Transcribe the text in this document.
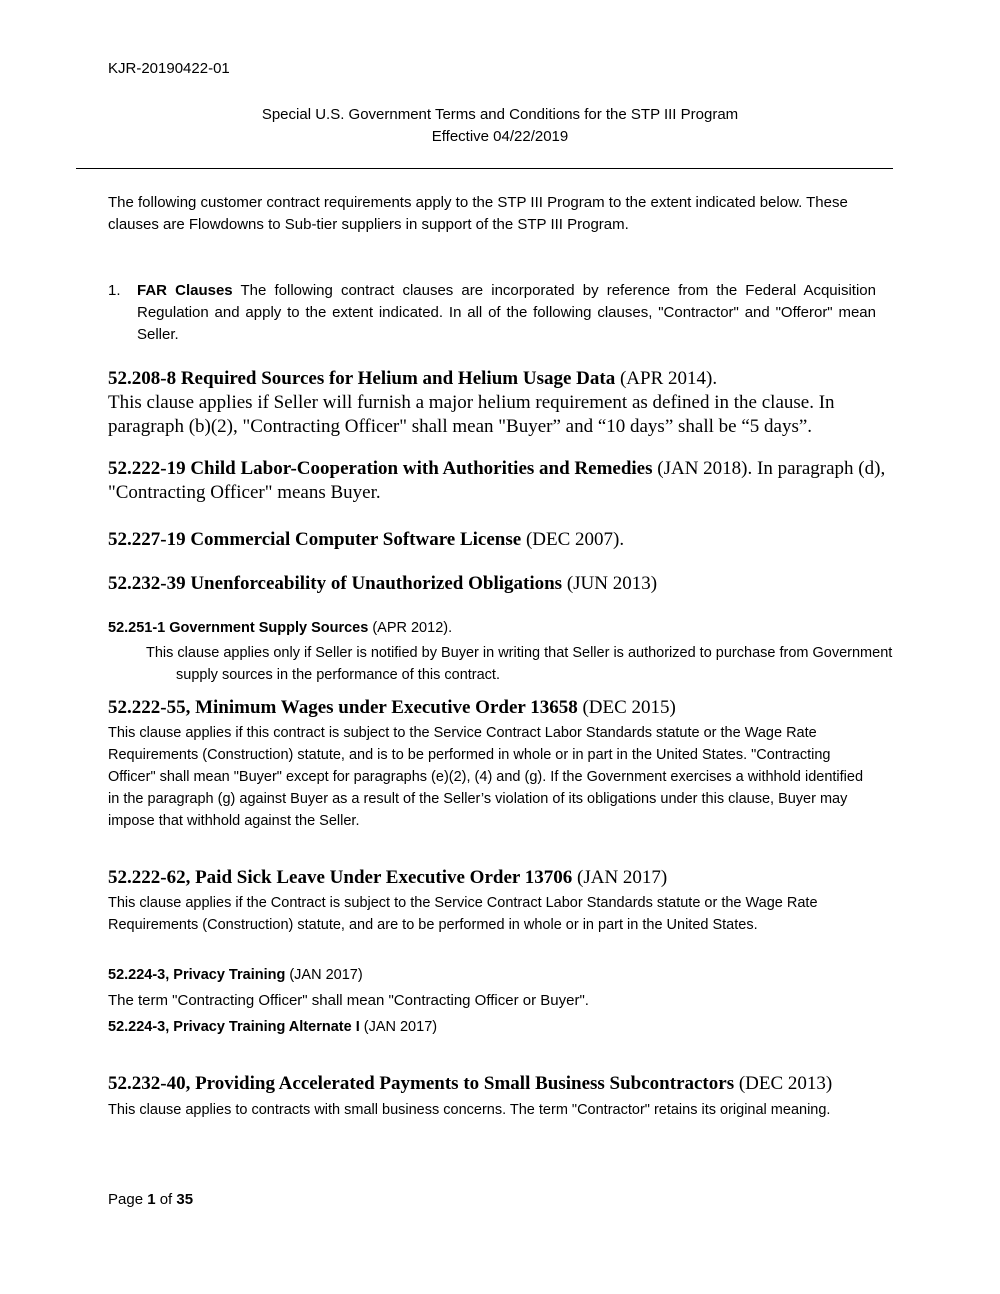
KJR-20190422-01
Special U.S. Government Terms and Conditions for the STP III Program
Effective 04/22/2019
The following customer contract requirements apply to the STP III Program to the extent indicated below. These clauses are Flowdowns to Sub-tier suppliers in support of the STP III Program.
1. FAR Clauses The following contract clauses are incorporated by reference from the Federal Acquisition Regulation and apply to the extent indicated. In all of the following clauses, "Contractor" and "Offeror" mean Seller.
52.208-8 Required Sources for Helium and Helium Usage Data (APR 2014).
This clause applies if Seller will furnish a major helium requirement as defined in the clause. In paragraph (b)(2), "Contracting Officer" shall mean "Buyer” and “10 days” shall be “5 days”.
52.222-19 Child Labor-Cooperation with Authorities and Remedies (JAN 2018). In paragraph (d), "Contracting Officer" means Buyer.
52.227-19 Commercial Computer Software License (DEC 2007).
52.232-39 Unenforceability of Unauthorized Obligations (JUN 2013)
52.251-1 Government Supply Sources (APR 2012).
This clause applies only if Seller is notified by Buyer in writing that Seller is authorized to purchase from Government supply sources in the performance of this contract.
52.222-55, Minimum Wages under Executive Order 13658 (DEC 2015)
This clause applies if this contract is subject to the Service Contract Labor Standards statute or the Wage Rate Requirements (Construction) statute, and is to be performed in whole or in part in the United States. "Contracting Officer" shall mean "Buyer" except for paragraphs (e)(2), (4) and (g). If the Government exercises a withhold identified in the paragraph (g) against Buyer as a result of the Seller’s violation of its obligations under this clause, Buyer may impose that withhold against the Seller.
52.222-62, Paid Sick Leave Under Executive Order 13706 (JAN 2017)
This clause applies if the Contract is subject to the Service Contract Labor Standards statute or the Wage Rate Requirements (Construction) statute, and are to be performed in whole or in part in the United States.
52.224-3, Privacy Training (JAN 2017)
The term "Contracting Officer" shall mean "Contracting Officer or Buyer".
52.224-3, Privacy Training Alternate I (JAN 2017)
52.232-40, Providing Accelerated Payments to Small Business Subcontractors (DEC 2013)
This clause applies to contracts with small business concerns. The term "Contractor" retains its original meaning.
Page 1 of 35
